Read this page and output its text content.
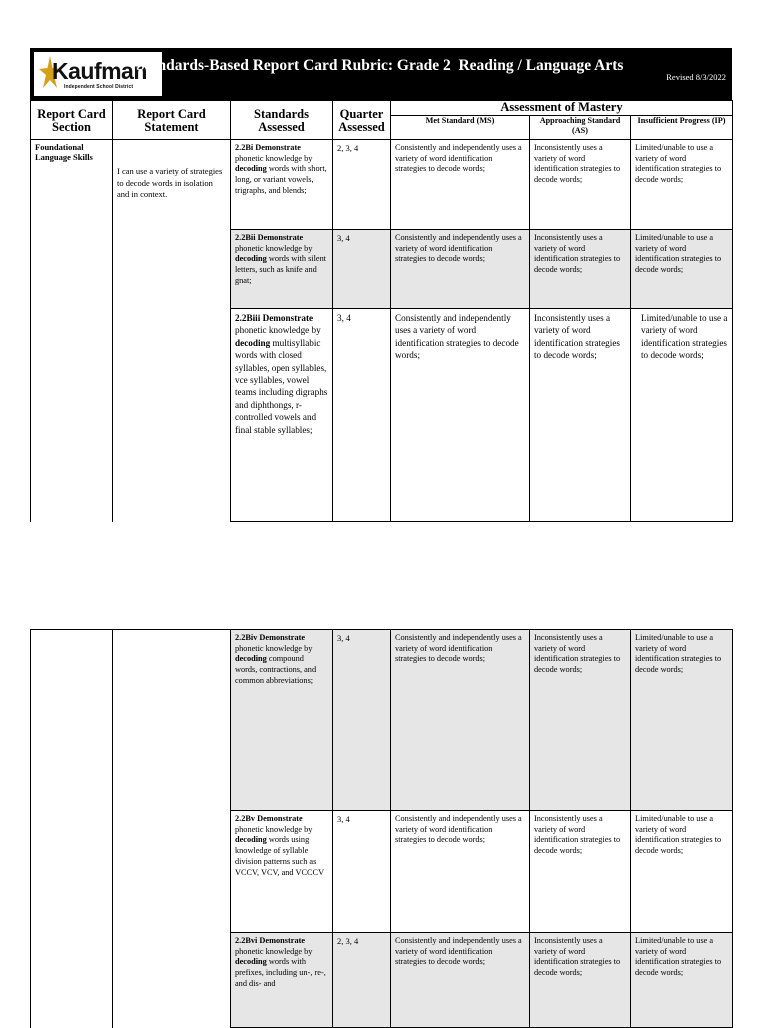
Kaufman
Independent School District
Standards-Based Report Card Rubric: Grade 2  Reading / Language Arts
Revised 8/3/2022
Report Card Section	Report Card Statement	Standards Assessed	Quarter Assessed	Assessment of Mastery		
				Met Standard (MS)	Approaching Standard (AS)	Insufficient Progress (IP)
Foundational Language Skills	I can use a variety of strategies to decode words in isolation and in context.	2.2Bi Demonstrate phonetic knowledge by decoding words with short, long, or variant vowels, trigraphs, and blends;	2, 3, 4	Consistently and independently uses a variety of word identification strategies to decode words;	Inconsistently uses a variety of word identification strategies to decode words;	Limited/unable to use a variety of word identification strategies to decode words;
		2.2Bii Demonstrate phonetic knowledge by decoding words with silent letters, such as knife and gnat;	3, 4	Consistently and independently uses a variety of word identification strategies to decode words;	Inconsistently uses a variety of word identification strategies to decode words;	Limited/unable to use a variety of word identification strategies to decode words;
		2.2Biii Demonstrate phonetic knowledge by decoding multisyllabic words with closed syllables, open syllables, vce syllables, vowel teams including digraphs and diphthongs, r-controlled vowels and final stable syllables;	3, 4	Consistently and independently uses a variety of word identification strategies to decode words;	Inconsistently uses a variety of word identification strategies to decode words;	Limited/unable to use a variety of word identification strategies to decode words;
		2.2Biv Demonstrate phonetic knowledge by decoding compound words, contractions, and common abbreviations;	3, 4	Consistently and independently uses a variety of word identification strategies to decode words;	Inconsistently uses a variety of word identification strategies to decode words;	Limited/unable to use a variety of word identification strategies to decode words;
		2.2Bv Demonstrate phonetic knowledge by decoding words using knowledge of syllable division patterns such as VCCV, VCV, and VCCCV	3, 4	Consistently and independently uses a variety of word identification strategies to decode words;	Inconsistently uses a variety of word identification strategies to decode words;	Limited/unable to use a variety of word identification strategies to decode words;
		2.2Bvi Demonstrate phonetic knowledge by decoding words with prefixes, including un-, re-, and dis- and	2, 3, 4	Consistently and independently uses a variety of word identification strategies to decode words;	Inconsistently uses a variety of word identification strategies to decode words;	Limited/unable to use a variety of word identification strategies to decode words;
